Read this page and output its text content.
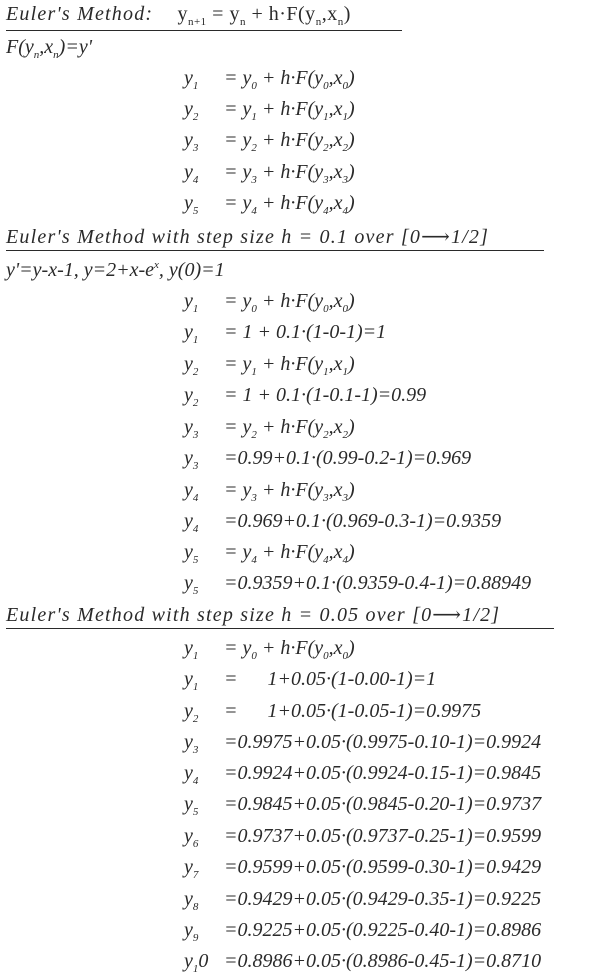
Euler's Method: $y_{n+1} = y_n + h\cdot F(y_n,x_n)$
$F(y_n,x_n)=y'$
$y_1 = y_0 + h\cdot F(y_0,x_0)$
$y_2 = y_1 + h\cdot F(y_1,x_1)$
$y_3 = y_2 + h\cdot F(y_2,x_2)$
$y_4 = y_3 + h\cdot F(y_3,x_3)$
$y_5 = y_4 + h\cdot F(y_4,x_4)$
Euler's Method with step size h = 0.1 over [0⟶1/2]
y'=y-x-1, $y=2+x-e^x$, y(0)=1
$y_1 = y_0 + h\cdot F(y_0,x_0)$
$y_1 = 1 + 0.1\cdot(1-0-1)=1$
$y_2 = y_1 + h\cdot F(y_1,x_1)$
$y_2 = 1 + 0.1\cdot(1-0.1-1)=0.99$
$y_3 = y_2 + h\cdot F(y_2,x_2)$
$y_3 =0.99+0.1\cdot(0.99-0.2-1)=0.969$
$y_4 = y_3 + h\cdot F(y_3,x_3)$
$y_4 =0.969+0.1\cdot(0.969-0.3-1)=0.9359$
$y_5 = y_4 + h\cdot F(y_4,x_4)$
$y_5 =0.9359+0.1\cdot(0.9359-0.4-1)=0.88949$
Euler's Method with step size h = 0.05 over [0⟶1/2]
$y_1 = y_0 + h\cdot F(y_0,x_0)$
$y_1$ =      1+0.05·(1-0.00-1)=1
$y_2$ =      1+0.05·(1-0.05-1)=0.9975
$y_3 =0.9975+0.05\cdot(0.9975-0.10-1)=0.9924$
$y_4 =0.9924+0.05\cdot(0.9924-0.15-1)=0.9845$
$y_5 =0.9845+0.05\cdot(0.9845-0.20-1)=0.9737$
$y_6 =0.9737+0.05\cdot(0.9737-0.25-1)=0.9599$
$y_7 =0.9599+0.05\cdot(0.9599-0.30-1)=0.9429$
$y_8 =0.9429+0.05\cdot(0.9429-0.35-1)=0.9225$
$y_9 =0.9225+0.05\cdot(0.9225-0.40-1)=0.8986$
$y_10 =0.8986+0.05\cdot(0.8986-0.45-1)=0.8710$
